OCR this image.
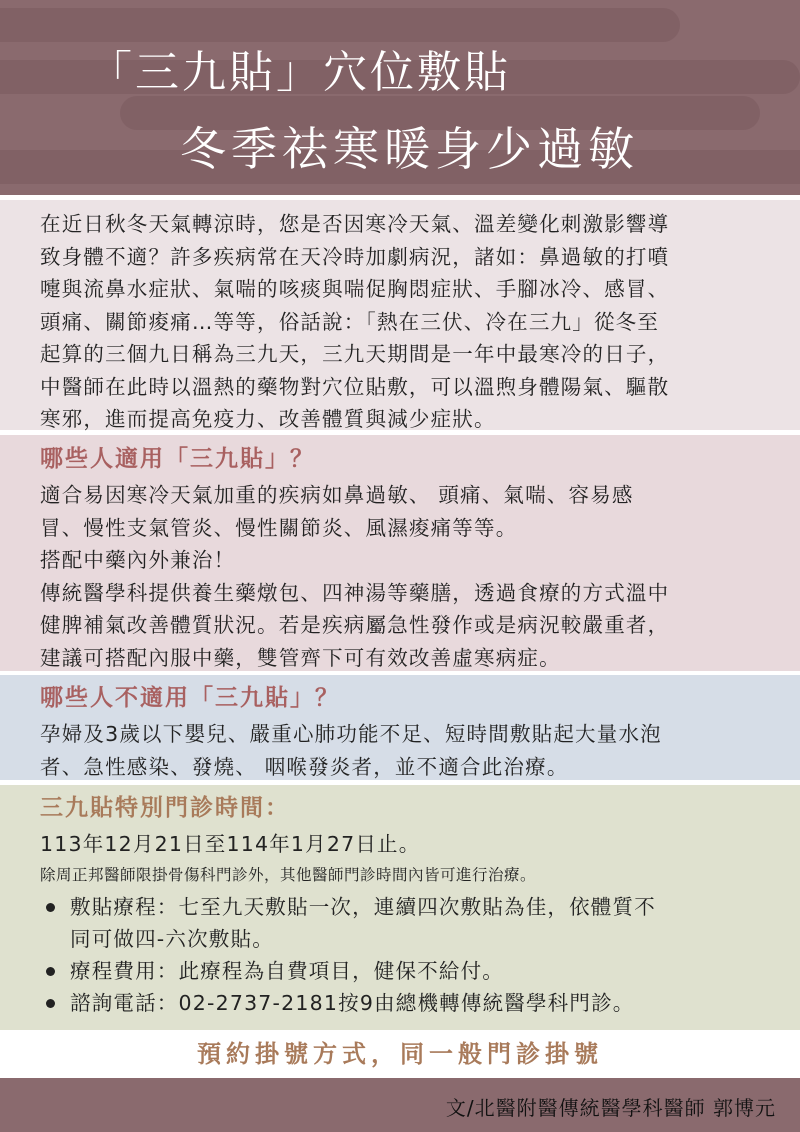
「三九貼」穴位敷貼
冬季祛寒暖身少過敏

在近日秋冬天氣轉涼時，您是否因寒冷天氣、溫差變化刺激影響導
致身體不適？許多疾病常在天冷時加劇病況，諸如：鼻過敏的打噴
嚏與流鼻水症狀、氣喘的咳痰與喘促胸悶症狀、手腳冰冷、感冒、
頭痛、關節痠痛…等等，俗話說：「熱在三伏、冷在三九」從冬至
起算的三個九日稱為三九天，三九天期間是一年中最寒冷的日子，
中醫師在此時以溫熱的藥物對穴位貼敷，可以溫煦身體陽氣、驅散
寒邪，進而提高免疫力、改善體質與減少症狀。

哪些人適用「三九貼」？

適合易因寒冷天氣加重的疾病如鼻過敏、 頭痛、氣喘、容易感
冒、慢性支氣管炎、慢性關節炎、風濕痠痛等等。
搭配中藥內外兼治！
傳統醫學科提供養生藥燉包、四神湯等藥膳，透過食療的方式溫中
健脾補氣改善體質狀況。若是疾病屬急性發作或是病況較嚴重者，
建議可搭配內服中藥，雙管齊下可有效改善虛寒病症。

哪些人不適用「三九貼」？

孕婦及3歲以下嬰兒、嚴重心肺功能不足、短時間敷貼起大量水泡
者、急性感染、發燒、 咽喉發炎者，並不適合此治療。

三九貼特別門診時間：

113年12月21日至114年1月27日止。

除周正邦醫師限掛骨傷科門診外，其他醫師門診時間內皆可進行治療。

敷貼療程：七至九天敷貼一次，連續四次敷貼為佳，依體質不
同可做四-六次敷貼。
療程費用：此療程為自費項目，健保不給付。
諮詢電話：02-2737-2181按9由總機轉傳統醫學科門診。
預約掛號方式，同一般門診掛號
文/北醫附醫傳統醫學科醫師 郭博元
